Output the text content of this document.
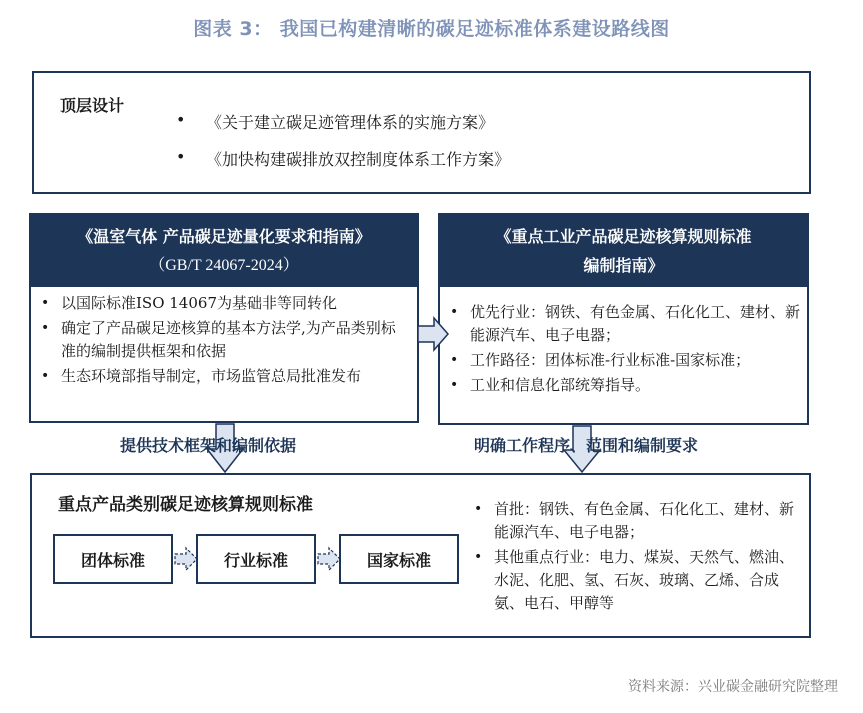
图表 3： 我国已构建清晰的碳足迹标准体系建设路线图
顶层设计
• 《关于建立碳足迹管理体系的实施方案》
• 《加快构建碳排放双控制度体系工作方案》
《温室气体 产品碳足迹量化要求和指南》
（GB/T 24067-2024）
• 以国际标准ISO 14067为基础非等同转化
• 确定了产品碳足迹核算的基本方法学,为产品类别标准的编制提供框架和依据
• 生态环境部指导制定，市场监管总局批准发布
《重点工业产品碳足迹核算规则标准
编制指南》
• 优先行业：钢铁、有色金属、石化化工、建材、新能源汽车、电子电器；
• 工作路径：团体标准-行业标准-国家标准；
• 工业和信息化部统筹指导。
提供技术框架和编制依据	明确工作程序、范围和编制要求
重点产品类别碳足迹核算规则标准
团体标准	行业标准	国家标准
• 首批：钢铁、有色金属、石化化工、建材、新能源汽车、电子电器；
• 其他重点行业：电力、煤炭、天然气、燃油、水泥、化肥、氢、石灰、玻璃、乙烯、合成氨、电石、甲醇等
资料来源：兴业碳金融研究院整理
